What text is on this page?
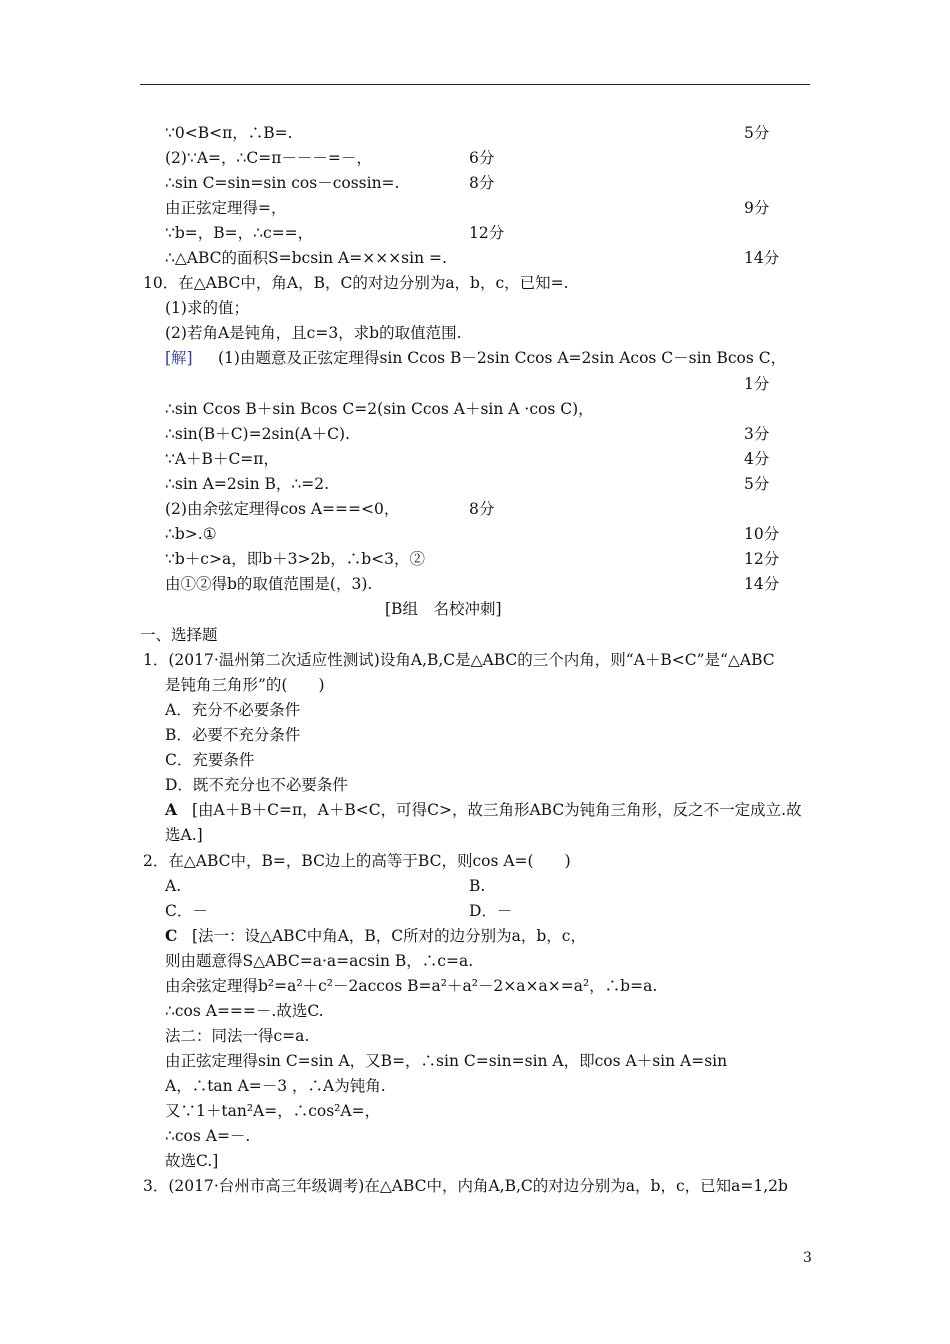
∵0<B<π，∴B=.
(2)∵A=，∴C=π－－－=－，
∴sin C=sin=sin cos－cossin=.
由正弦定理得=，
∵b=，B=，∴c==，
∴△ABC的面积S=bcsin A=×××sin =.
10．在△ABC中，角A，B，C的对边分别为a，b，c，已知=.
(1)求的值；
(2)若角A是钝角，且c=3，求b的取值范围.
(1)由题意及正弦定理得sin Ccos B－2sin Ccos A=2sin Acos C－sin Bcos C，
∴sin Ccos B＋sin Bcos C=2(sin Ccos A＋sin A ·cos C)，
∴sin(B＋C)=2sin(A＋C).
∵A＋B＋C=π，
∴sin A=2sin B，∴=2.
(2)由余弦定理得cos A===<0，
∴b>.①
∵b＋c>a，即b＋3>2b，∴b<3，②
由①②得b的取值范围是(，3).
一、选择题
1．(2017·温州第二次适应性测试)设角A,B,C是△ABC的三个内角，则“A＋B<C”是“△ABC
是钝角三角形”的(　　)
A．充分不必要条件
B．必要不充分条件
C．充要条件
D．既不充分也不必要条件
[由A＋B＋C=π，A＋B<C，可得C>，故三角形ABC为钝角三角形，反之不一定成立.故
选A.]
2．在△ABC中，B=，BC边上的高等于BC，则cos A=(　　)
A.	B.
C．－	D．－
[法一：设△ABC中角A，B，C所对的边分别为a，b，c，
则由题意得S△ABC=a·a=acsin B，∴c=a.
由余弦定理得b²=a²＋c²－2accos B=a²＋a²－2×a×a×=a²，∴b=a.
∴cos A===－.故选C.
法二：同法一得c=a.
由正弦定理得sin C=sin A，又B=，∴sin C=sin=sin A，即cos A＋sin A=sin
A，∴tan A=－3 ，∴A为钝角.
又∵1＋tan²A=，∴cos²A=，
∴cos A=－.
故选C.]
3．(2017·台州市高三年级调考)在△ABC中，内角A,B,C的对边分别为a，b，c，已知a=1,2b
5分
6分
8分
9分
12分
14分
1分
3分
4分
5分
8分
10分
12分
14分
[解]
A
C
[B组　名校冲刺]
3
